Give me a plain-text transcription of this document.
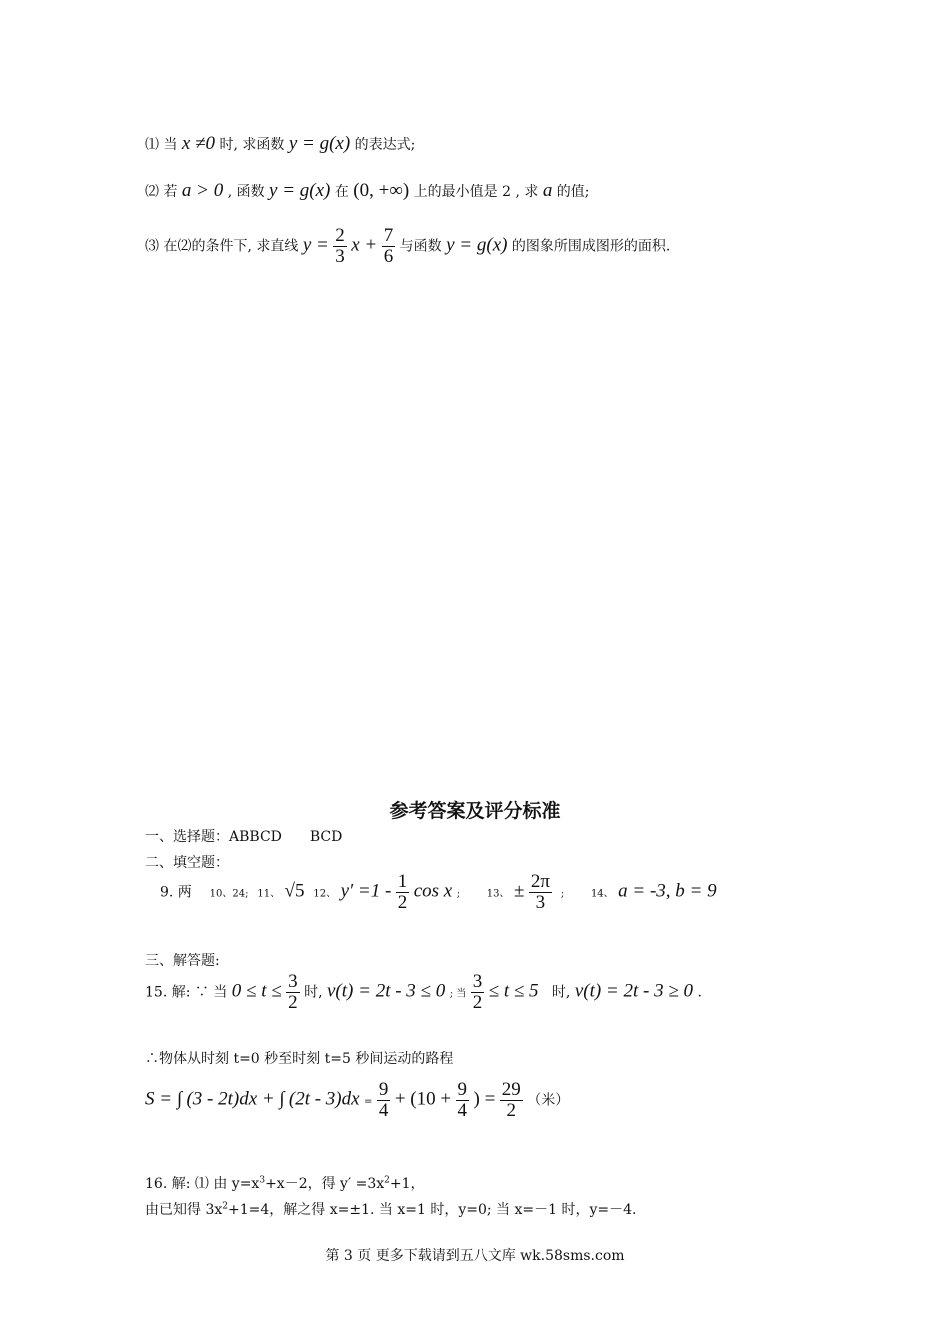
⑴ 当 x ≠0 时, 求函数 y = g(x) 的表达式;
⑵ 若 a > 0 , 函数 y = g(x) 在 (0, +∞) 上的最小值是 2 , 求 a 的值;
⑶ 在⑵的条件下, 求直线 $y = \frac{2}{3}$ $x + \frac{7}{6}$ 与函数 y = g(x) 的图象所围成图形的面积.
参考答案及评分标准
一、选择题：ABBCD　　BCD
二、填空题：
9. 两 10、24; 11、 √5 12、 $y' =1 - \frac{1}{2}$ cos x ;	13、 ± $\frac{2\pi}{3}$ ;	14、 a = -3, b = 9
三、解答题:
15. 解: ∵ 当 $0 \le t \le \frac{3}{2}$ 时, v(t) = 2t - 3 ≤ 0 ; 当 $\frac{3}{2} \le t \le 5$ 时, v(t) = 2t - 3 ≥ 0 .
∴物体从时刻 t=0 秒至时刻 t=5 秒间运动的路程
S = ∫ (3 - 2t)dx + ∫ $(2t - 3)dx = \frac{9}{4} + (10 + \frac{9}{4}$ ) = $\frac{29}{2}$ （米）
16. 解: ⑴ 由 $y=x^3+x-2$，得 $y' =3x^2+1$，
由已知得 $3x^2+1=4$，解之得 x=±1. 当 x=1 时，y=0; 当 x=－1 时，y=－4.
第 3 页 更多下载请到五八文库 wk.58sms.com
